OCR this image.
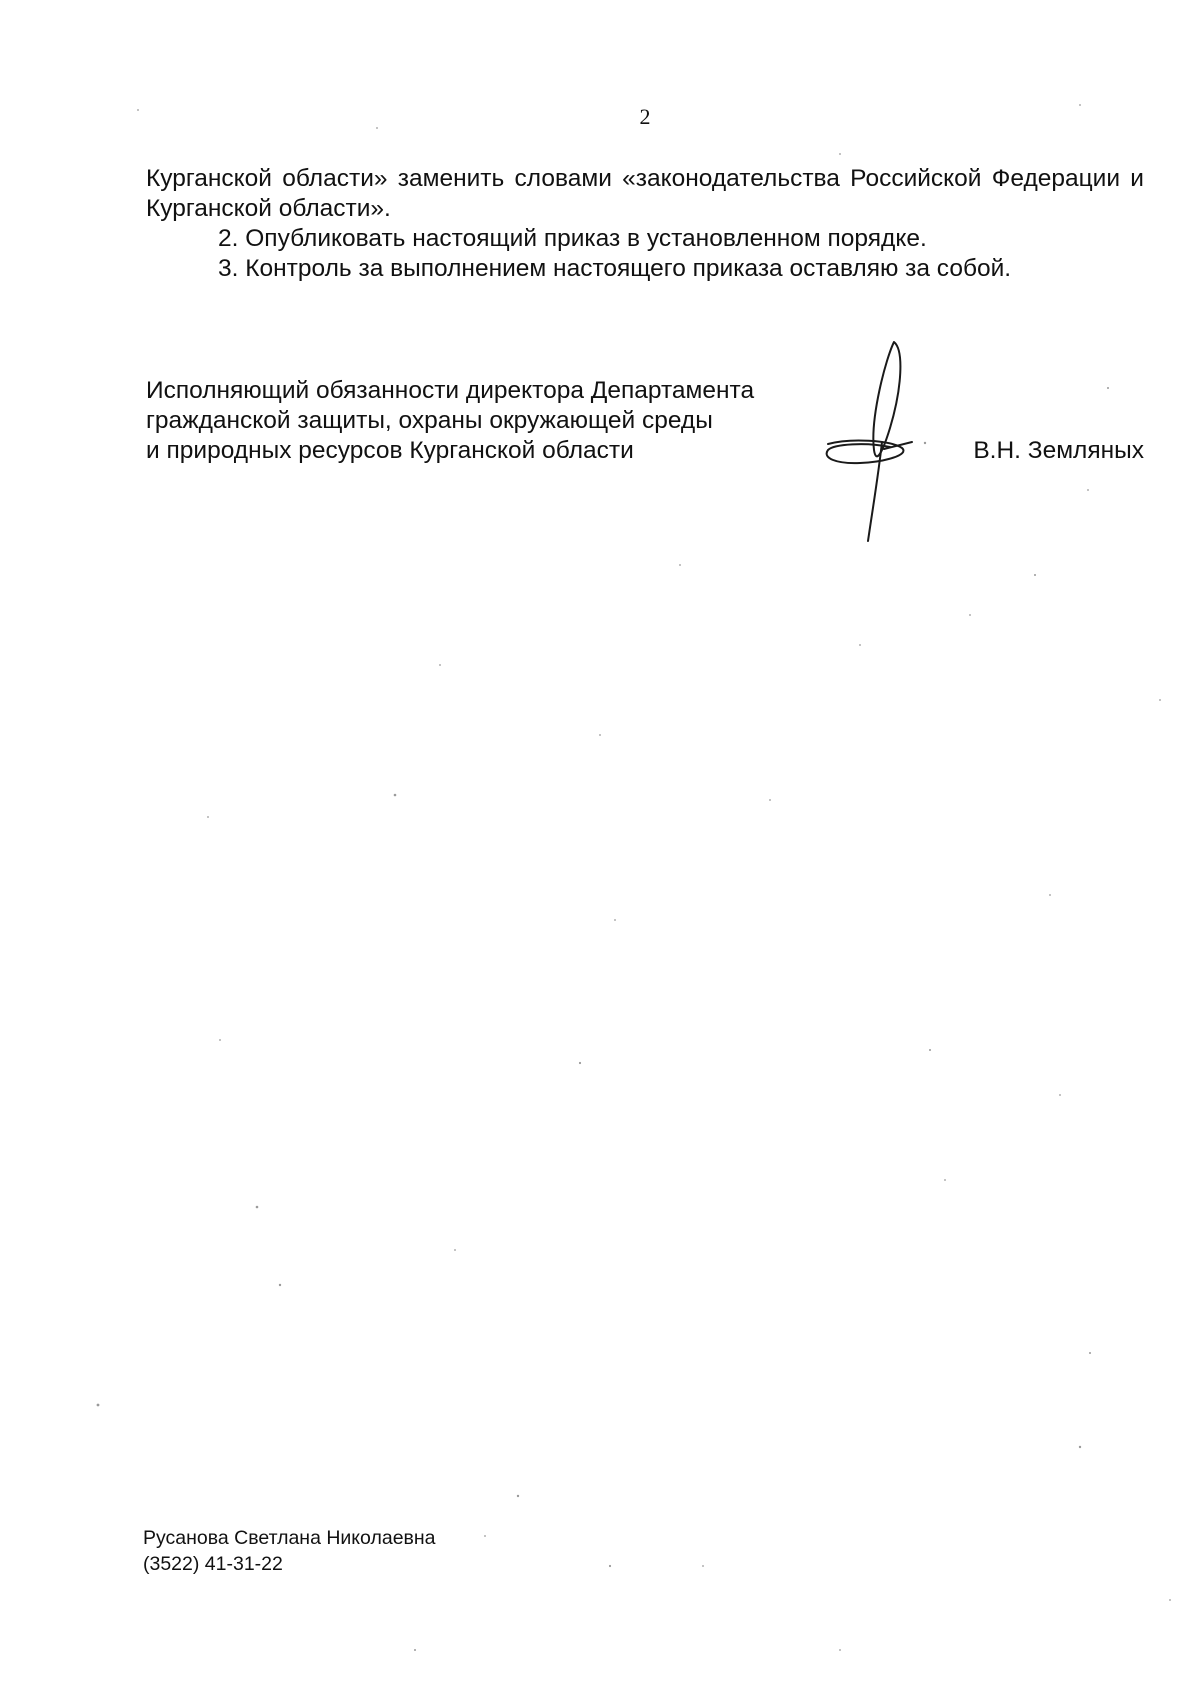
2
Курганской области» заменить словами «законодательства Российской Федерации и Курганской области».
2. Опубликовать настоящий приказ в установленном порядке.
3. Контроль за выполнением настоящего приказа оставляю за собой.
Исполняющий обязанности директора Департамента
гражданской защиты, охраны окружающей среды
и природных ресурсов Курганской области	В.Н. Земляных
Русанова Светлана Николаевна
(3522) 41-31-22
